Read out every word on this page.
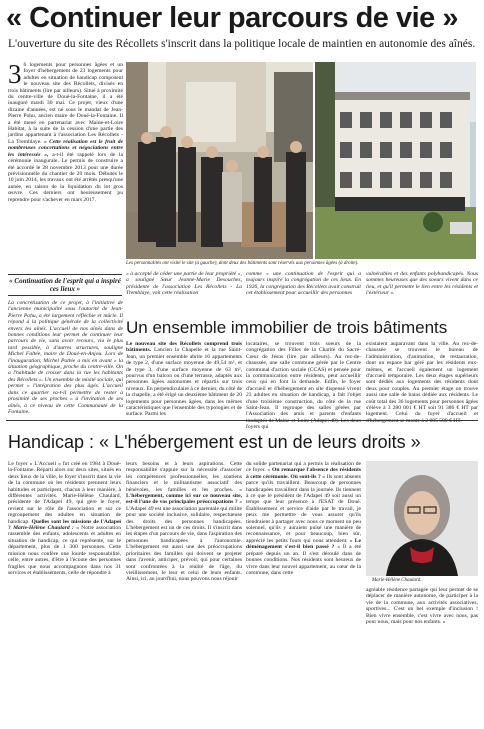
« Continuer leur parcours de vie »
L'ouverture du site des Récollets s'inscrit dans la politique locale de maintien en autonomie des aînés.
3 6 logements pour personnes âgées et un foyer d'hébergement de 23 logements pour adultes en situation de handicap composent le nouveau site des Récollets, divisés en trois bâtiments (lire par ailleurs). Situé à proximité du centre-ville de Doué-la-Fontaine, il a été inauguré mardi 30 mai. Ce projet, vieux d'une dizaine d'années, est né sous le mandat de Jean-Pierre Pohu, ancien maire de Doué-la-Fontaine. Il a été mené en partenariat avec Maine-et-Loire Habitat, à la suite de la cession d'une partie des jardins appartenant à l'association Les Récollets - La Tremblaye. « Cette réalisation est le fruit de nombreuses concertations et négociations entre les intéressés », a-t-il été rappelé lors de la cérémonie inaugurale. Le permis de construire a été accordé le 28 novembre 2013 pour une durée prévisionnelle du chantier de 20 mois. Débutés le 10 juin 2014, les travaux ont été arrêtés presqu'une année, en raison de la liquidation du lot gros œuvre. Ces derniers ont heureusement pu reprendre pour s'achever en mars 2017.
« Continuation de l'esprit qui a inspiré ces lieux »
La concrétisation de ce projet, à l'initiative de l'ancienne municipalité sous l'autorité de Jean-Pierre Pohu, a été largement réfléchie et mûrie. Il répond à la politique générale de la collectivité envers les aînés. L'accueil de nos aînés dans de bonnes conditions leur permet de continuer leur parcours de vie, sans avoir recours, via le plus tard possible, à d'autres structures, souligne Michel Faltée, maire de Doué-en-Anjou. Lors de l'inauguration, Michel Pattée a mis en avant « la situation géographique, proche du centre-ville. On a l'habitude de croiser dans la rue les habitants des Récollets ». Un ensemble de mixité sociale, qui permet « l'intégration des plus âgés. L'accueil dans ce quartier va-t-il permettre de rester à proximité de ses proches » à l'invitation de ses aînés, à ce niveau de cette Communauté de la Fontaine.
Les personnalités ont visité le site (à gauche), dont deux des bâtiments sont réservés aux personnes âgées (à droite).
« à accepté de céder une partie de leur propriété », a souligné Sœur Jeanne-Marie Desouches, présidente de l'association Les Récollets - La Tremblaye, voit cette réalisation
comme « une continuation de l'esprit qui a toujours inspiré la congrégation de ces lieux. En 1926, la congrégation des Récollets avait construit cet établissement pour accueillir des personnes
vulnérables et des enfants polyhandicapés. Nous sommes heureuses que des soeurs vivent dans ce lieu, et qu'il permette le lien entre les résidents et l'extérieur ».
Un ensemble immobilier de trois bâtiments
Le nouveau site des Récollets comprend trois bâtiments. Lancien la Chapelle et la rue Saint-Jean, un premier ensemble abrite 16 appartements de type 2, d'une surface moyenne de 49,54 m², et de type 3, d'une surface moyenne de 63 m², pourvus d'un balcon ou d'une terrasse, adaptés aux personnes âgées autonomes et répartis sur trois niveaux. En perpendiculaire à ce dernier, du côté de la chapelle, a été érigé un deuxième bâtiment de 20 logements pour personnes âgées, dans les mêmes caractéristiques que l'ensemble des typologies et de surface. Parmi les
locataires, se trouvent trois soeurs de la congrégation des Filles de la Charité du Sacré-Cœur de Jésus (lire par ailleurs). Au rez-de-chaussée, une salle commune gérée par le Centre communal d'action sociale (CCAS) et pensée pour la communication entre résidents, peut accueillir ceux qui en font la demande. Enfin, le foyer d'accueil et d'hébergement en site dispensé vivent 23 adultes en situation de handicap, a fait l'objet d'une troisième construction, du côté de la rue Saint-Jean. Il regroupe des salles gérées par l'Association des amis et parents d'enfants foyers qui
existaient auparavant dans la ville. Au rez-de-chaussée se trouvent le bureau de l'administration, d'animation, de restauration, dont un espace bar géré par les résidents eux-mêmes, et l'accueil également un logement d'accueil temporaire. Les deux étages supérieurs sont dédiés aux logements des résidents dont deux pour couples. Au premier étage on trouve aussi une salle de bains dédiée aux résidents. Le coût total des 36 logements pour personnes âgées s'élève à 3 280 001 € HT soit 91 386 € HT par logement. Celui du foyer d'accueil et
Handicap : « L'hébergement est un de leurs droits »
Le foyer « L'Accueil » fut créé en 1984 à Doué-la-Fontaine. Réparti alors sur deux sites, situés en deux lieux de la ville, le foyer s'inscrit dans la vie de la commune où les résidents prennent leurs habitudes et participent, chacun à leur manière, à différentes activités. Marie-Hélène Chaulard, présidente de l'Adapei 49, qui gère le foyer, revient sur le rôle de l'association et sur ce regroupement des adultes en situation de handicap. Quelles sont les missions de l'Adapei ? Marie-Hélène Chaulard : « Notre association rassemble des enfants, adolescents et adultes en situation de handicap, ce qui représente, sur le département, plus de 1 300 personnes. Cette mission nous confère une lourde responsabilité, celle, entre autres, d'être à l'écoute des personnes fragiles que nous accompagnons dans nos 31 services et établissements, celle de répondre à
leurs besoins et à leurs aspirations. Cette responsabilité s'appuie sur la nécessité d'associer les compétences professionnelles, les soutiens financiers et le militantisme associatif des bénévoles, les familles et les proches. » L'hébergement, comme ici sur ce nouveau site, est-il l'une de vos principales préoccupations ? « L'Adapei 49 est une association parentale qui milite pour une société inclusive, solidaire, respectueuse des droits des personnes handicapées. L'hébergement est un de ces droits. Il s'inscrit dans les étapes d'un parcours de vie, dans l'aspiration des personnes handicapées à l'autonomie. L'hébergement est aussi une des préoccupations prioritaires des familles qui doivent se projeter dans l'avenir, anticiper, prévoir, qui pour certaines sont confrontées à la réalité de l'âge, du vieillissement, le leur et celui de leurs enfants. Ainsi, ici, au jourd'hui, nous pouvons nous réjouir
du solide partenariat qui a permis la réalisation de ce foyer. » On remarque l'absence des résidents à cette cérémonie. Où sont-ils ? « Ils sont absents parce qu'ils travaillent. Beaucoup de personnes handicapées travaillent dans la journée. Ils tiennent à ce que le président de l'Adapei 49 soit aussi un temps que leur présence à l'ESAT de Doué. Établissement et service d'aide par le travail, je peux me permettre de vous assurer qu'ils tiendraient à partager avec nous ce moment un peu solennel, qu'ils y auraient puisé une manière de reconnaissance, et pour beaucoup, bien sûr, apprécié les petits fours qui nous attendent. » Le déménagement s'est-il bien passé ? « Il a été préparé depuis un an. Il s'est déroulé dans de bonnes conditions. Nos résidents sont heureux de vivre dans leur nouvel appartement, au cœur de la commune, dans cette
Marie-Hélène Chaulard.
agréable résidence partagée qui leur permet de se déplacer de manière autonome, de participer à la vie de la commune, aux activités associatives, sportives... C'est un bel exemple d'inclusion ! Bien vivre ensemble, c'est vivre avec nous, pas pour nous, mais pour nos enfants. »
